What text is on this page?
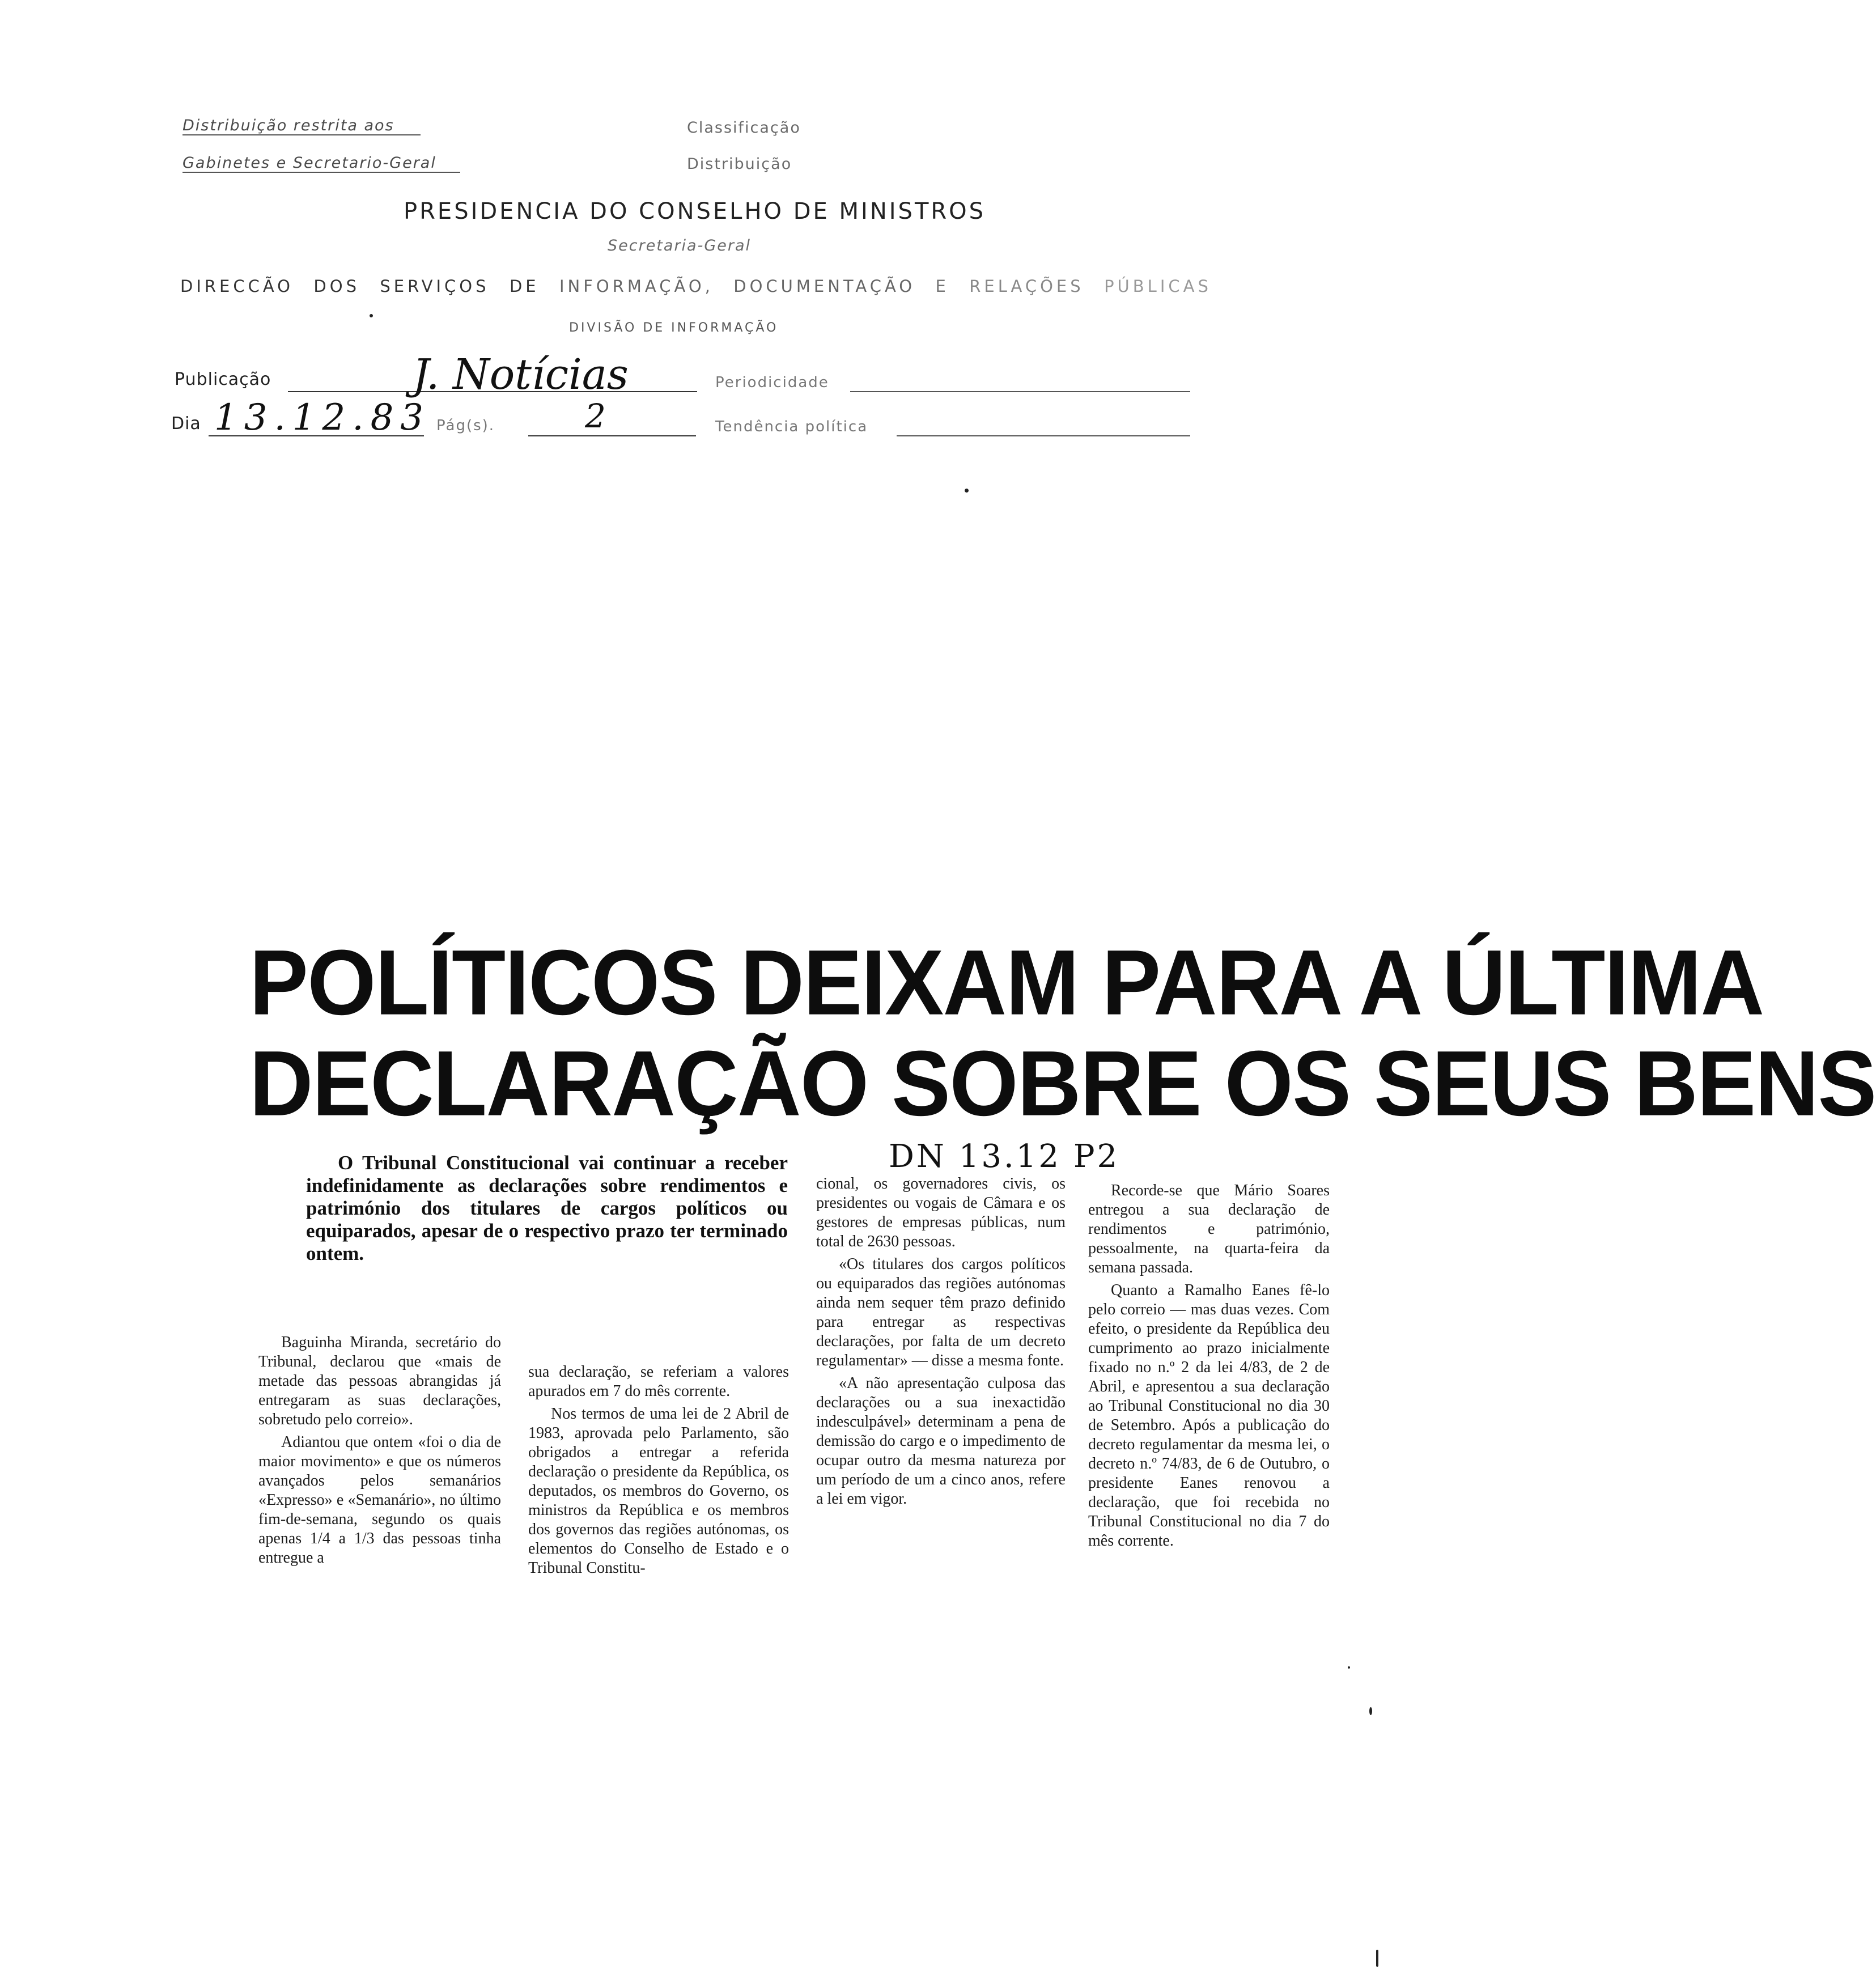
Distribuição restrita aos
Gabinetes e Secretario-Geral
Classificação
Distribuição
PRESIDENCIA DO CONSELHO DE MINISTROS
Secretaria-Geral
DIRECCÃO DOS SERVIÇOS DE INFORMAÇÃO, DOCUMENTAÇÃO E RELAÇÕES PÚBLICAS
DIVISÃO DE INFORMAÇÃO
Publicação	J. Notícias	Periodicidade
Dia 13.12.83 Pág(s).	2	Tendência política
POLÍTICOS DEIXAM PARA A ÚLTIMA
DECLARAÇÃO SOBRE OS SEUS BENS
DN 13.12 P2
O Tribunal Constitucional vai continuar a receber indefinidamente as declarações sobre rendimentos e património dos titulares de cargos políticos ou equiparados, apesar de o respectivo prazo ter terminado ontem.

Baguinha Miranda, secretário do Tribunal, declarou que «mais de metade das pessoas abrangidas já entregaram as suas declarações, sobretudo pelo correio».

Adiantou que ontem «foi o dia de maior movimento» e que os números avançados pelos semanários «Expresso» e «Semanário», no último fim-de-semana, segundo os quais apenas 1/4 a 1/3 das pessoas tinha entregue a

sua declaração, se referiam a valores apurados em 7 do mês corrente.

Nos termos de uma lei de 2 Abril de 1983, aprovada pelo Parlamento, são obrigados a entregar a referida declaração o presidente da República, os deputados, os membros do Governo, os ministros da República e os membros dos governos das regiões autónomas, os elementos do Conselho de Estado e o Tribunal Constitu-

cional, os governadores civis, os presidentes ou vogais de Câmara e os gestores de empresas públicas, num total de 2630 pessoas.

«Os titulares dos cargos políticos ou equiparados das regiões autónomas ainda nem sequer têm prazo definido para entregar as respectivas declarações, por falta de um decreto regulamentar» — disse a mesma fonte.

«A não apresentação culposa das declarações ou a sua inexactidão indesculpável» determinam a pena de demissão do cargo e o impedimento de ocupar outro da mesma natureza por um período de um a cinco anos, refere a lei em vigor.

Recorde-se que Mário Soares entregou a sua declaração de rendimentos e património, pessoalmente, na quarta-feira da semana passada.

Quanto a Ramalho Eanes fê-lo pelo correio — mas duas vezes. Com efeito, o presidente da República deu cumprimento ao prazo inicialmente fixado no n.º 2 da lei 4/83, de 2 de Abril, e apresentou a sua declaração ao Tribunal Constitucional no dia 30 de Setembro. Após a publicação do decreto regulamentar da mesma lei, o decreto n.º 74/83, de 6 de Outubro, o presidente Eanes renovou a declaração, que foi recebida no Tribunal Constitucional no dia 7 do mês corrente.
